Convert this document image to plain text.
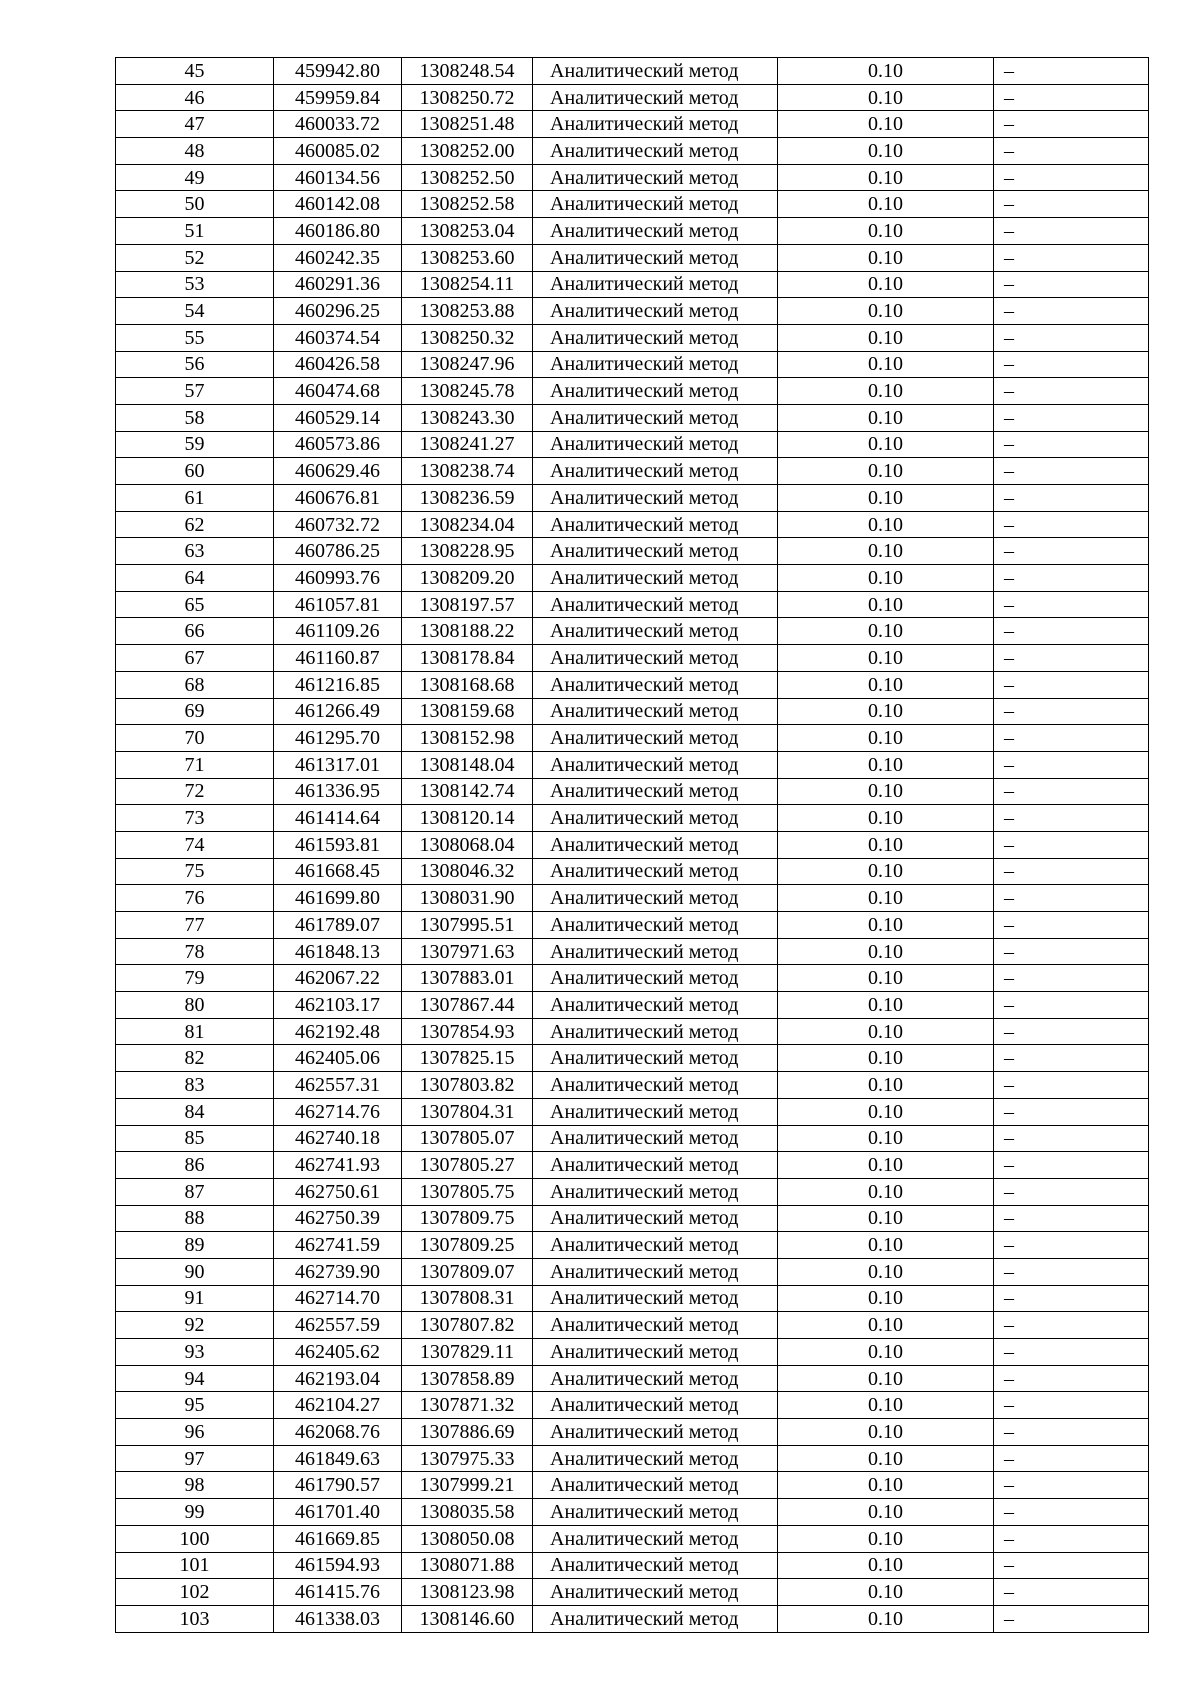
45	459942.80	1308248.54	Аналитический метод	0.10	–
46	459959.84	1308250.72	Аналитический метод	0.10	–
47	460033.72	1308251.48	Аналитический метод	0.10	–
48	460085.02	1308252.00	Аналитический метод	0.10	–
49	460134.56	1308252.50	Аналитический метод	0.10	–
50	460142.08	1308252.58	Аналитический метод	0.10	–
51	460186.80	1308253.04	Аналитический метод	0.10	–
52	460242.35	1308253.60	Аналитический метод	0.10	–
53	460291.36	1308254.11	Аналитический метод	0.10	–
54	460296.25	1308253.88	Аналитический метод	0.10	–
55	460374.54	1308250.32	Аналитический метод	0.10	–
56	460426.58	1308247.96	Аналитический метод	0.10	–
57	460474.68	1308245.78	Аналитический метод	0.10	–
58	460529.14	1308243.30	Аналитический метод	0.10	–
59	460573.86	1308241.27	Аналитический метод	0.10	–
60	460629.46	1308238.74	Аналитический метод	0.10	–
61	460676.81	1308236.59	Аналитический метод	0.10	–
62	460732.72	1308234.04	Аналитический метод	0.10	–
63	460786.25	1308228.95	Аналитический метод	0.10	–
64	460993.76	1308209.20	Аналитический метод	0.10	–
65	461057.81	1308197.57	Аналитический метод	0.10	–
66	461109.26	1308188.22	Аналитический метод	0.10	–
67	461160.87	1308178.84	Аналитический метод	0.10	–
68	461216.85	1308168.68	Аналитический метод	0.10	–
69	461266.49	1308159.68	Аналитический метод	0.10	–
70	461295.70	1308152.98	Аналитический метод	0.10	–
71	461317.01	1308148.04	Аналитический метод	0.10	–
72	461336.95	1308142.74	Аналитический метод	0.10	–
73	461414.64	1308120.14	Аналитический метод	0.10	–
74	461593.81	1308068.04	Аналитический метод	0.10	–
75	461668.45	1308046.32	Аналитический метод	0.10	–
76	461699.80	1308031.90	Аналитический метод	0.10	–
77	461789.07	1307995.51	Аналитический метод	0.10	–
78	461848.13	1307971.63	Аналитический метод	0.10	–
79	462067.22	1307883.01	Аналитический метод	0.10	–
80	462103.17	1307867.44	Аналитический метод	0.10	–
81	462192.48	1307854.93	Аналитический метод	0.10	–
82	462405.06	1307825.15	Аналитический метод	0.10	–
83	462557.31	1307803.82	Аналитический метод	0.10	–
84	462714.76	1307804.31	Аналитический метод	0.10	–
85	462740.18	1307805.07	Аналитический метод	0.10	–
86	462741.93	1307805.27	Аналитический метод	0.10	–
87	462750.61	1307805.75	Аналитический метод	0.10	–
88	462750.39	1307809.75	Аналитический метод	0.10	–
89	462741.59	1307809.25	Аналитический метод	0.10	–
90	462739.90	1307809.07	Аналитический метод	0.10	–
91	462714.70	1307808.31	Аналитический метод	0.10	–
92	462557.59	1307807.82	Аналитический метод	0.10	–
93	462405.62	1307829.11	Аналитический метод	0.10	–
94	462193.04	1307858.89	Аналитический метод	0.10	–
95	462104.27	1307871.32	Аналитический метод	0.10	–
96	462068.76	1307886.69	Аналитический метод	0.10	–
97	461849.63	1307975.33	Аналитический метод	0.10	–
98	461790.57	1307999.21	Аналитический метод	0.10	–
99	461701.40	1308035.58	Аналитический метод	0.10	–
100	461669.85	1308050.08	Аналитический метод	0.10	–
101	461594.93	1308071.88	Аналитический метод	0.10	–
102	461415.76	1308123.98	Аналитический метод	0.10	–
103	461338.03	1308146.60	Аналитический метод	0.10	–
